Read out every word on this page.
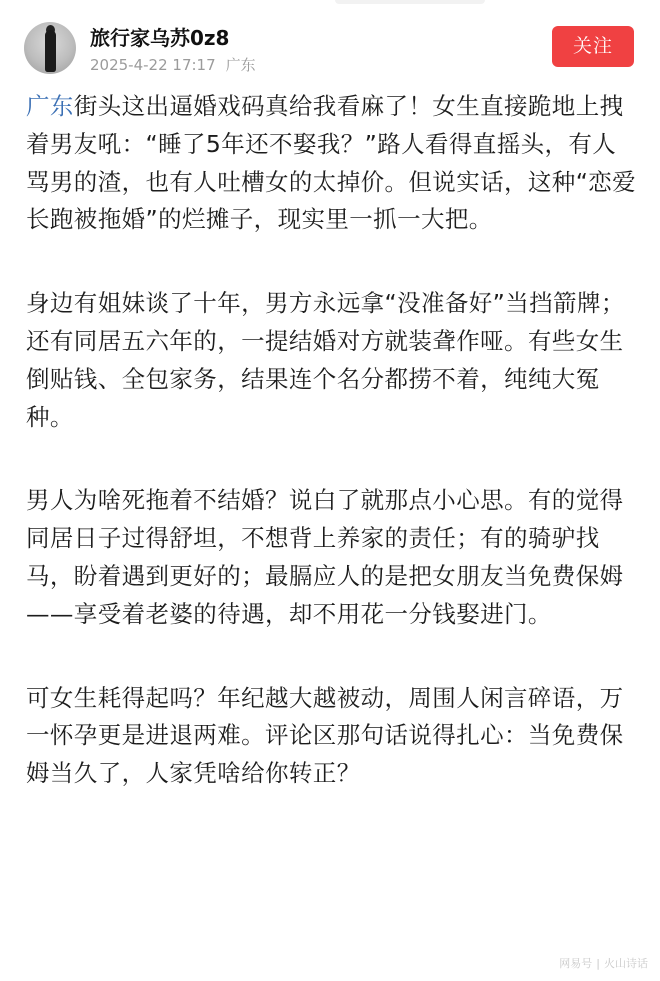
旅行家乌苏0z8
2025-4-22 17:17 广东
关注

广东街头这出逼婚戏码真给我看麻了！女生直接跪地上拽着男友吼：“睡了5年还不娶我？”路人看得直摇头，有人骂男的渣，也有人吐槽女的太掉价。但说实话，这种“恋爱长跑被拖婚”的烂摊子，现实里一抓一大把。

身边有姐妹谈了十年，男方永远拿“没准备好”当挡箭牌；还有同居五六年的，一提结婚对方就装聋作哑。有些女生倒贴钱、全包家务，结果连个名分都捞不着，纯纯大冤种。

男人为啥死拖着不结婚？说白了就那点小心思。有的觉得同居日子过得舒坦，不想背上养家的责任；有的骑驴找马，盼着遇到更好的；最膈应人的是把女朋友当免费保姆——享受着老婆的待遇，却不用花一分钱娶进门。

可女生耗得起吗？年纪越大越被动，周围人闲言碎语，万一怀孕更是进退两难。评论区那句话说得扎心：当免费保姆当久了，人家凭啥给你转正？

网易号 | 火山诗话
